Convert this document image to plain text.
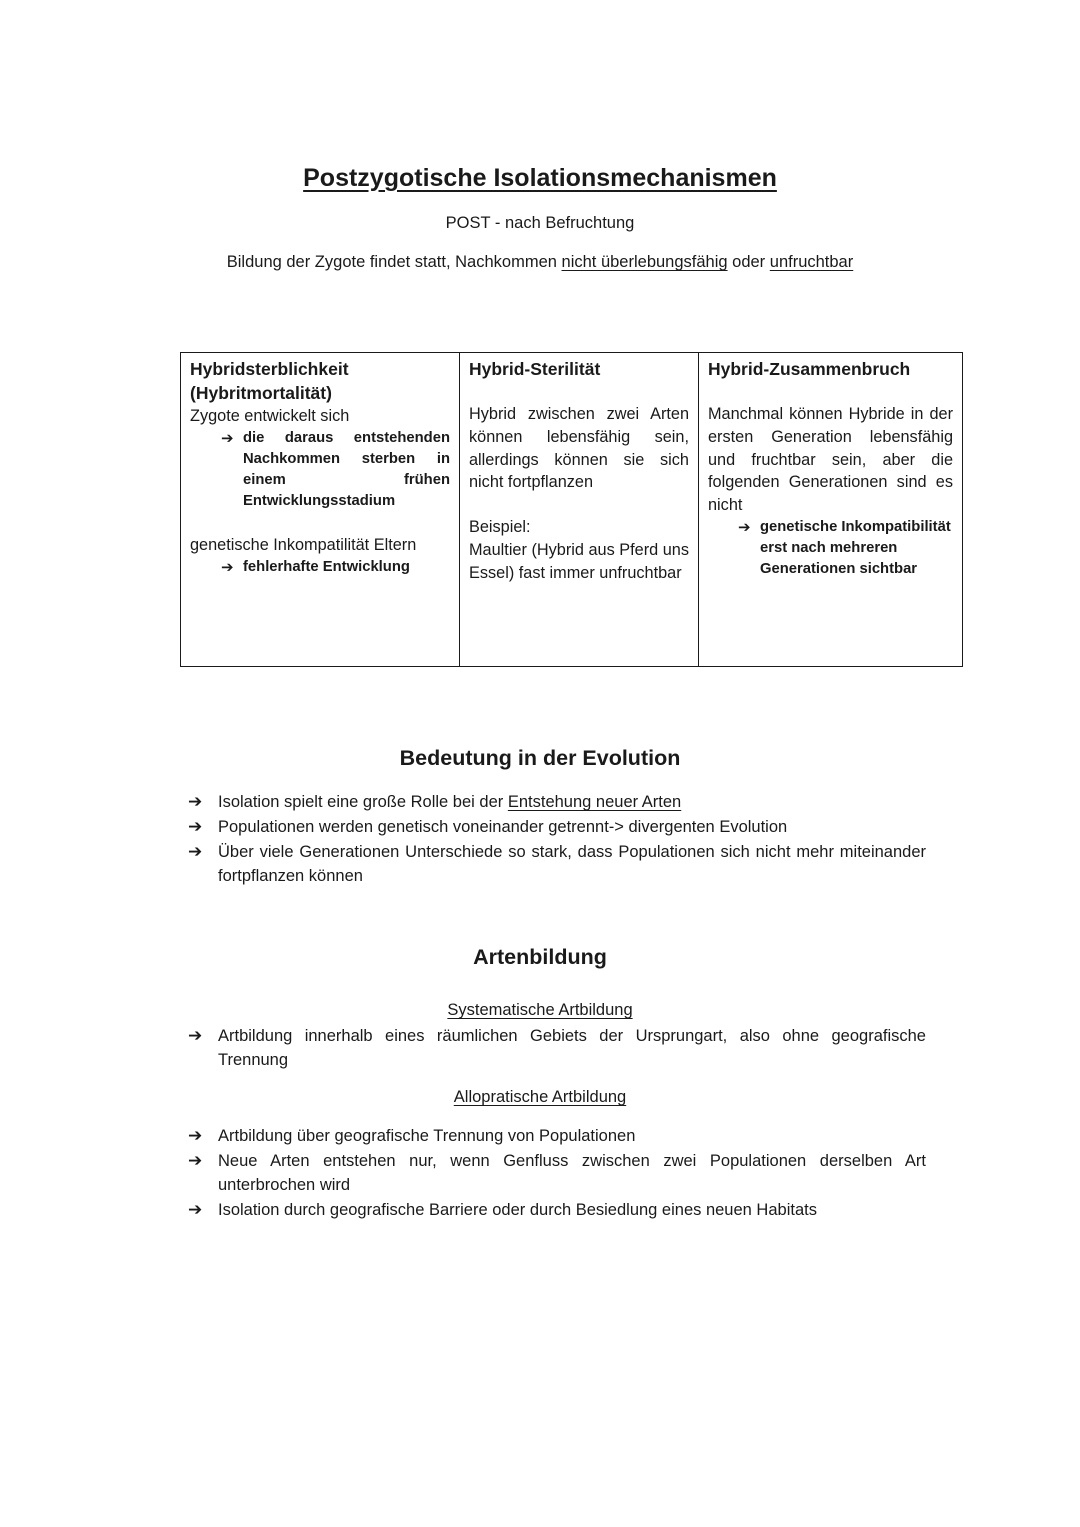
Postzygotische Isolationsmechanismen
POST - nach Befruchtung
Bildung der Zygote findet statt, Nachkommen nicht überlebungsfähig oder unfruchtbar
Hybridsterblichkeit (Hybritmortalität)
Zygote entwickelt sich
➔ die daraus entstehenden Nachkommen sterben in einem frühen Entwicklungsstadium
genetische Inkompatilität Eltern
➔ fehlerhafte Entwicklung
Hybrid-Sterilität
Hybrid zwischen zwei Arten können lebensfähig sein, allerdings können sie sich nicht fortpflanzen
Beispiel:
Maultier (Hybrid aus Pferd uns Essel) fast immer unfruchtbar
Hybrid-Zusammenbruch
Manchmal können Hybride in der ersten Generation lebensfähig und fruchtbar sein, aber die folgenden Generationen sind es nicht
➔ genetische Inkompatibilität erst nach mehreren Generationen sichtbar
Bedeutung in der Evolution
➔ Isolation spielt eine große Rolle bei der Entstehung neuer Arten
➔ Populationen werden genetisch voneinander getrennt-> divergenten Evolution
➔ Über viele Generationen Unterschiede so stark, dass Populationen sich nicht mehr miteinander fortpflanzen können
Artenbildung
Systematische Artbildung
➔ Artbildung innerhalb eines räumlichen Gebiets der Ursprungart, also ohne geografische Trennung
Allopratische Artbildung
➔ Artbildung über geografische Trennung von Populationen
➔ Neue Arten entstehen nur, wenn Genfluss zwischen zwei Populationen derselben Art unterbrochen wird
➔ Isolation durch geografische Barriere oder durch Besiedlung eines neuen Habitats
